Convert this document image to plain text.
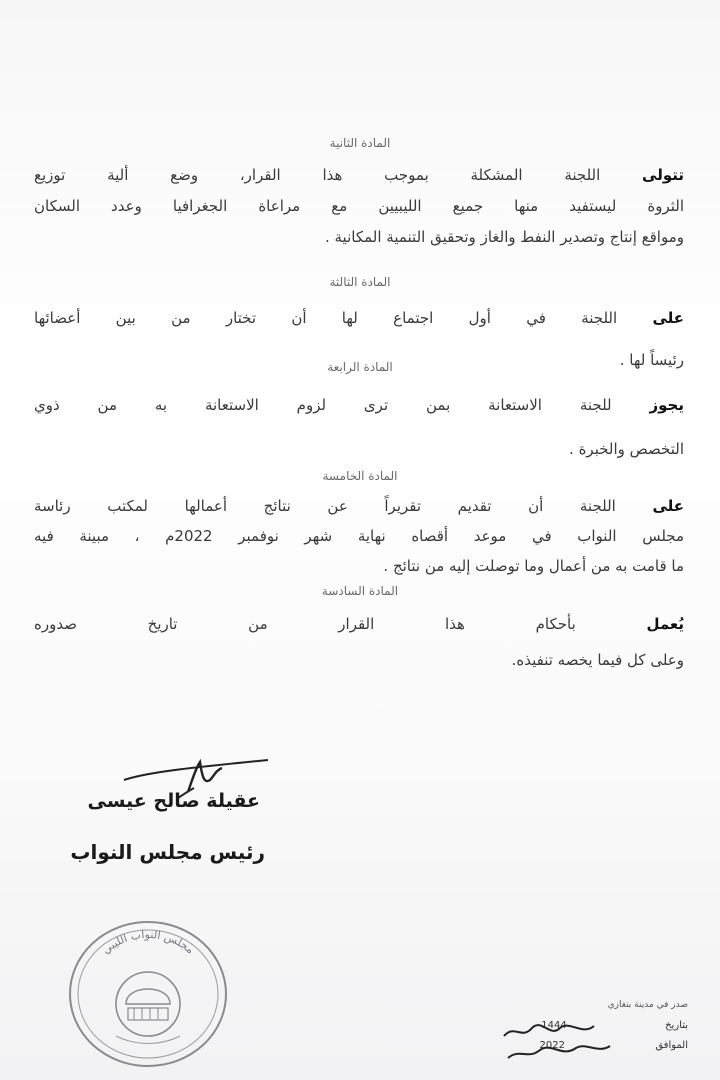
المادة الثانية
تتولى اللجنة المشكلة بموجب هذا القرار، وضع ألية توزيع
الثروة ليستفيد منها جميع الليبيين مع مراعاة الجغرافيا وعدد السكان
ومواقع إنتاج وتصدير النفط والغاز وتحقيق التنمية المكانية .
المادة الثالثة
على اللجنة في أول اجتماع لها أن تختار من بين أعضائها
رئيساً لها .
المادة الرابعة
يجوز للجنة الاستعانة بمن ترى لزوم الاستعانة به من ذوي
التخصص والخبرة .
المادة الخامسة
على اللجنة أن تقديم تقريراً عن نتائج أعمالها لمكتب رئاسة
مجلس النواب في موعد أقصاه نهاية شهر نوفمبر 2022م ، مبينة فيه
ما قامت به من أعمال وما توصلت إليه من نتائج .
المادة السادسة
يُعمل بأحكام هذا القرار من تاريخ صدوره
وعلى كل فيما يخصه تنفيذه.
عقيلة صالح عيسى
رئيس مجلس النواب
مجلس النواب الليبي
صدر في مدينة بنغازي
بتاريخ  1444
الموافق  2022
